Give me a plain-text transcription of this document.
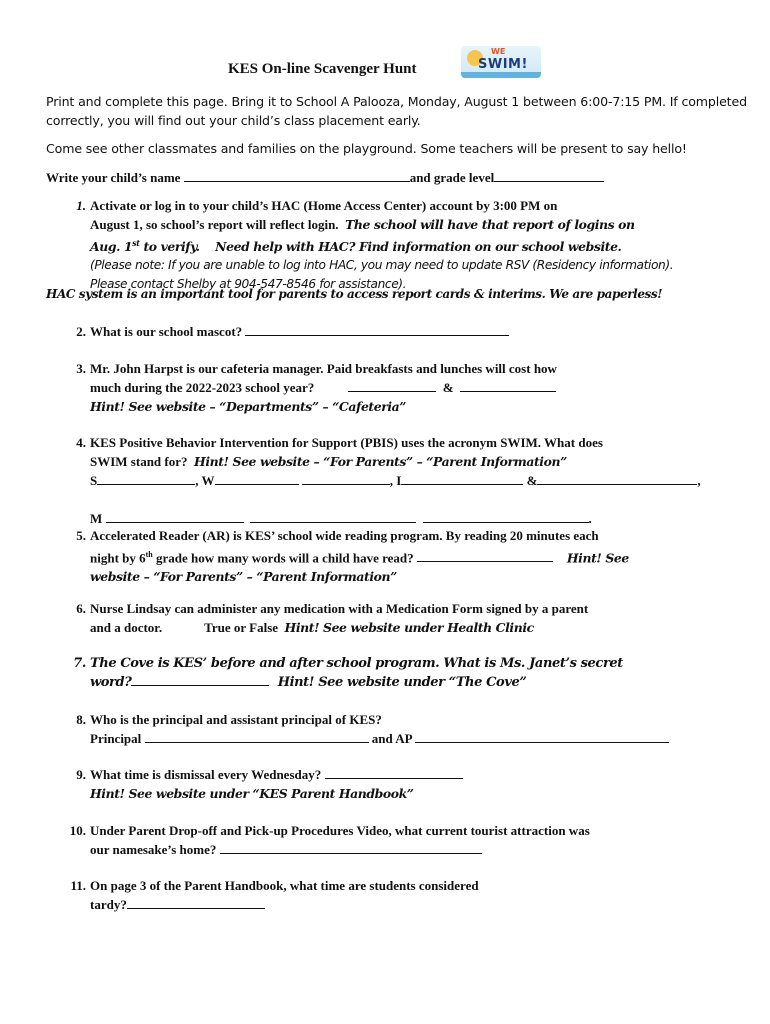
KES On-line Scavenger Hunt
WE
SWIM!
Print and complete this page. Bring it to School A Palooza, Monday, August 1 between 6:00-7:15 PM. If completed
correctly, you will find out your child’s class placement early.
Come see other classmates and families on the playground. Some teachers will be present to say hello!
Write your child’s name	and grade level
1. Activate or log in to your child’s HAC (Home Access Center) account by 3:00 PM on
August 1, so school’s report will reflect login. The school will have that report of logins on
Aug. 1st to verify. Need help with HAC? Find information on our school website.
(Please note: If you are unable to log into HAC, you may need to update RSV (Residency information).
Please contact Shelby at 904-547-8546 for assistance).
HAC system is an important tool for parents to access report cards & interims. We are paperless!
2. What is our school mascot?
3. Mr. John Harpst is our cafeteria manager. Paid breakfasts and lunches will cost how
much during the 2022-2023 school year?	&
Hint! See website – “Departments” – “Cafeteria”
4. KES Positive Behavior Intervention for Support (PBIS) uses the acronym SWIM. What does
SWIM stand for? Hint! See website – “For Parents” – “Parent Information”
S	, W	, I	&	,
M	.
5. Accelerated Reader (AR) is KES’ school wide reading program. By reading 20 minutes each
night by 6th grade how many words will a child have read?	Hint! See
website – “For Parents” – “Parent Information”
6. Nurse Lindsay can administer any medication with a Medication Form signed by a parent
and a doctor.	True or False Hint! See website under Health Clinic
7. The Cove is KES’ before and after school program. What is Ms. Janet’s secret
word?	Hint! See website under “The Cove”
8. Who is the principal and assistant principal of KES?
Principal	and AP
9. What time is dismissal every Wednesday?
Hint! See website under “KES Parent Handbook”
10. Under Parent Drop-off and Pick-up Procedures Video, what current tourist attraction was
our namesake’s home?
11. On page 3 of the Parent Handbook, what time are students considered
tardy?
